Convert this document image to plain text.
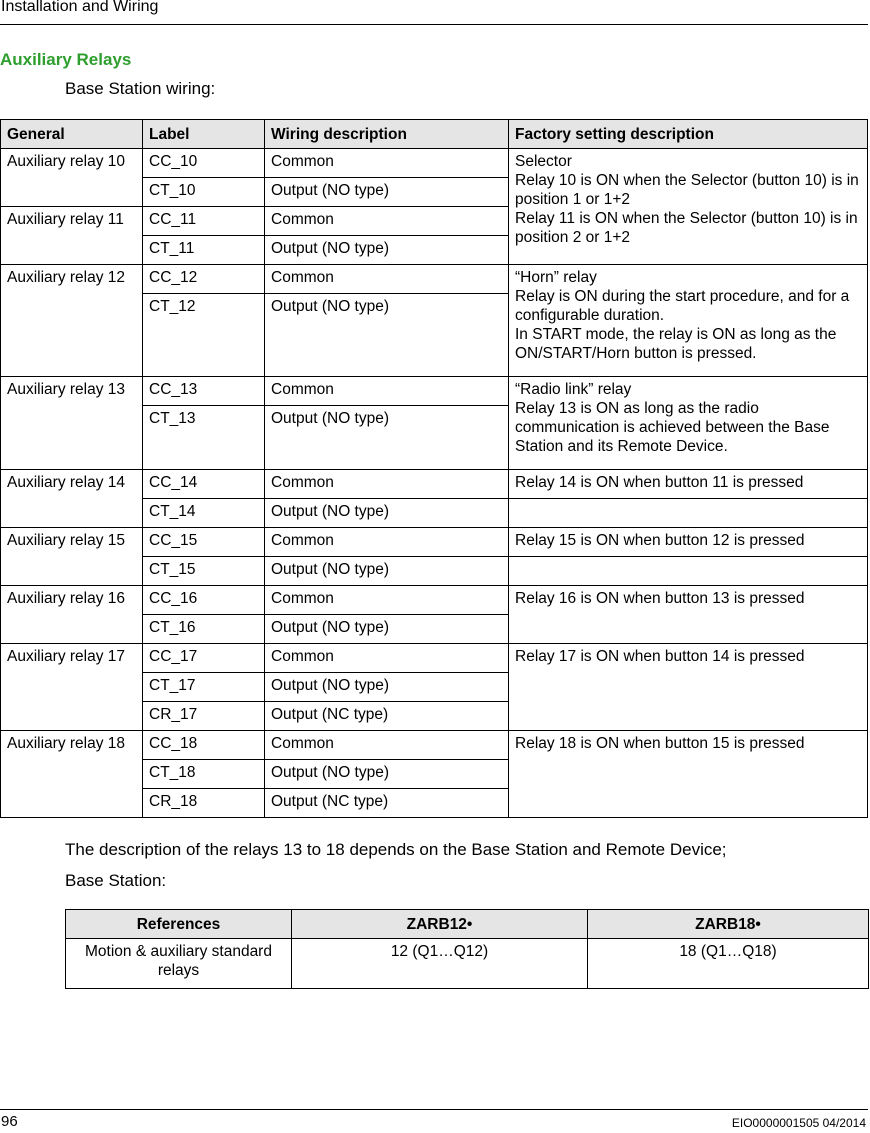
Installation and Wiring
Auxiliary Relays
Base Station wiring:
General	Label	Wiring description	Factory setting description
Auxiliary relay 10	CC_10	Common	Selector
Relay 10 is ON when the Selector (button 10) is in position 1 or 1+2
Relay 11 is ON when the Selector (button 10) is in position 2 or 1+2

	CT_10	Output (NO type)	
Auxiliary relay 11	CC_11	Common	
	CT_11	Output (NO type)	
Auxiliary relay 12	CC_12	Common	“Horn” relay
Relay is ON during the start procedure, and for a configurable duration.
In START mode, the relay is ON as long as the ON/START/Horn button is pressed.

	CT_12	Output (NO type)	
Auxiliary relay 13	CC_13	Common	“Radio link” relay
Relay 13 is ON as long as the radio communication is achieved between the Base Station and its Remote Device.

	CT_13	Output (NO type)	
Auxiliary relay 14	CC_14	Common	Relay 14 is ON when button 11 is pressed
	CT_14	Output (NO type)	
Auxiliary relay 15	CC_15	Common	Relay 15 is ON when button 12 is pressed
	CT_15	Output (NO type)	
Auxiliary relay 16	CC_16	Common	Relay 16 is ON when button 13 is pressed
	CT_16	Output (NO type)	
Auxiliary relay 17	CC_17	Common	Relay 17 is ON when button 14 is pressed
	CT_17	Output (NO type)	
	CR_17	Output (NC type)	
Auxiliary relay 18	CC_18	Common	Relay 18 is ON when button 15 is pressed
	CT_18	Output (NO type)	
	CR_18	Output (NC type)	
The description of the relays 13 to 18 depends on the Base Station and Remote Device;
Base Station:
References	ZARB12•	ZARB18•
Motion & auxiliary standard relays	12 (Q1…Q12)	18 (Q1…Q18)
96	EIO0000001505 04/2014
